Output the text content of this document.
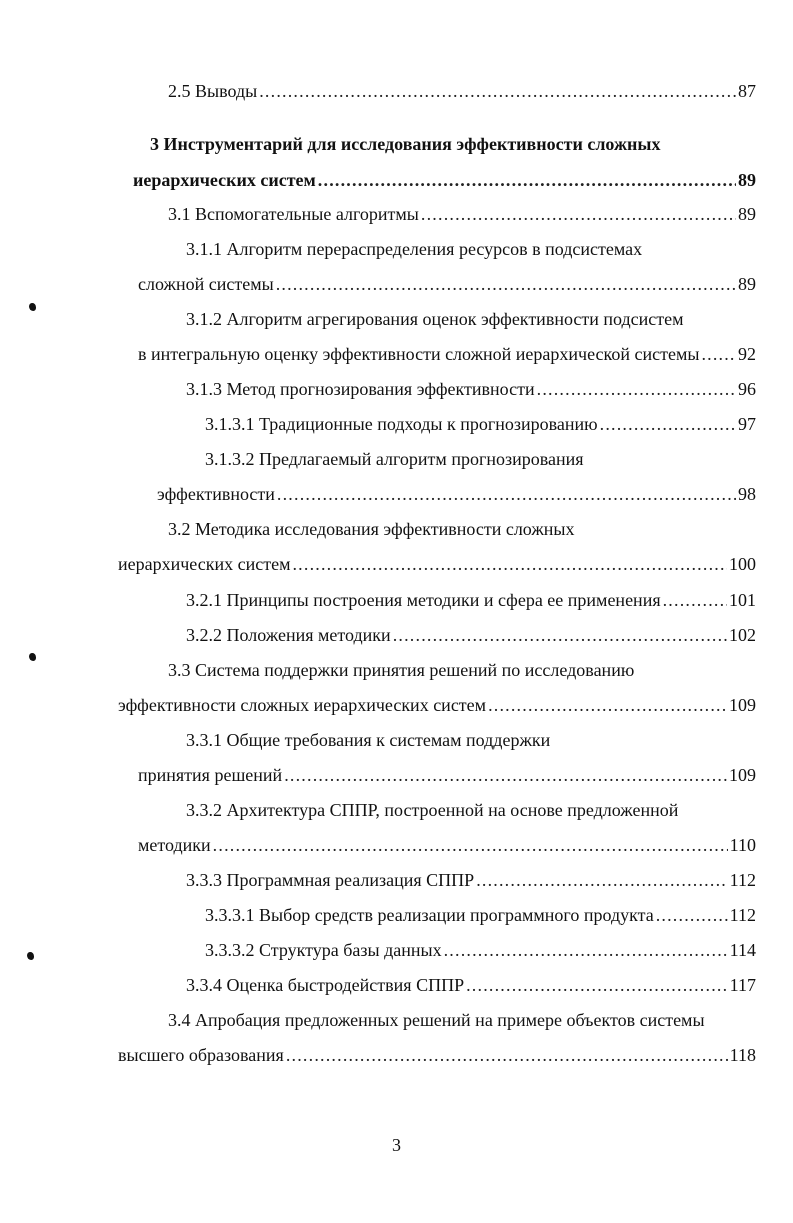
2.5 Выводы .....	87
3 Инструментарий для исследования эффективности сложных
иерархических систем .....	89
3.1 Вспомогательные алгоритмы .....	89
3.1.1 Алгоритм перераспределения ресурсов в подсистемах
сложной системы .....	89
3.1.2 Алгоритм агрегирования оценок эффективности подсистем
в интегральную оценку эффективности сложной иерархической системы ..... 92
3.1.3 Метод прогнозирования эффективности .....	96
3.1.3.1 Традиционные подходы к прогнозированию .....	97
3.1.3.2 Предлагаемый алгоритм прогнозирования
эффективности .....	98
3.2 Методика исследования эффективности сложных
иерархических систем .....	100
3.2.1 Принципы построения методики и сфера ее применения .....	101
3.2.2 Положения методики .....	102
3.3 Система поддержки принятия решений по исследованию
эффективности сложных иерархических систем .....	109
3.3.1 Общие требования к системам поддержки
принятия решений .....	109
3.3.2 Архитектура СППР, построенной на основе предложенной
методики .....	110
3.3.3 Программная реализация СППР .....	112
3.3.3.1 Выбор средств реализации программного продукта .....	112
3.3.3.2 Структура базы данных .....	114
3.3.4 Оценка быстродействия СППР .....	117
3.4 Апробация предложенных решений на примере объектов системы
высшего образования .....	118
3
